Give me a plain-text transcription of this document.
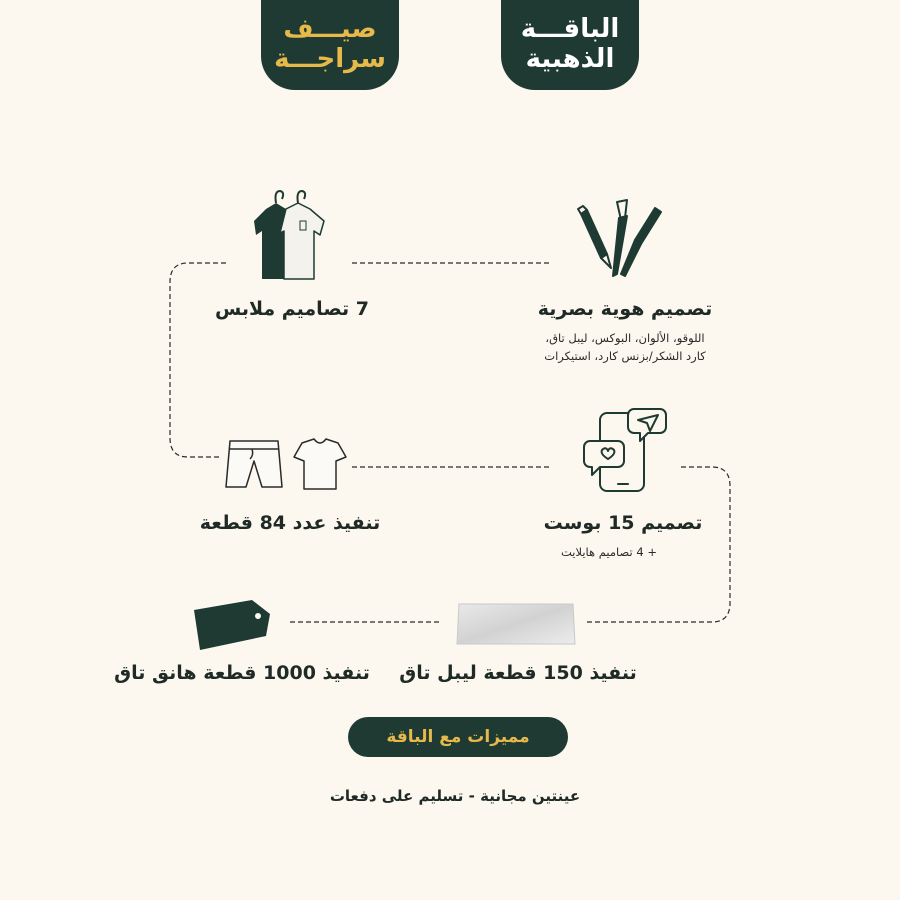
الباقـــة
الذهبية
صيـــف
سراجـــة
تصميم هوية بصرية
اللوقو، الألوان، البوكس، ليبل تاق،
كارد الشكر/بزنس كارد، استيكرات
7 تصاميم ملابس
تصميم 15 بوست
+ 4 تصاميم هايلايت
تنفيذ عدد 84 قطعة
تنفيذ 150 قطعة ليبل تاق
تنفيذ 1000 قطعة هانق تاق
مميزات مع الباقة
عينتين مجانية - تسليم على دفعات
